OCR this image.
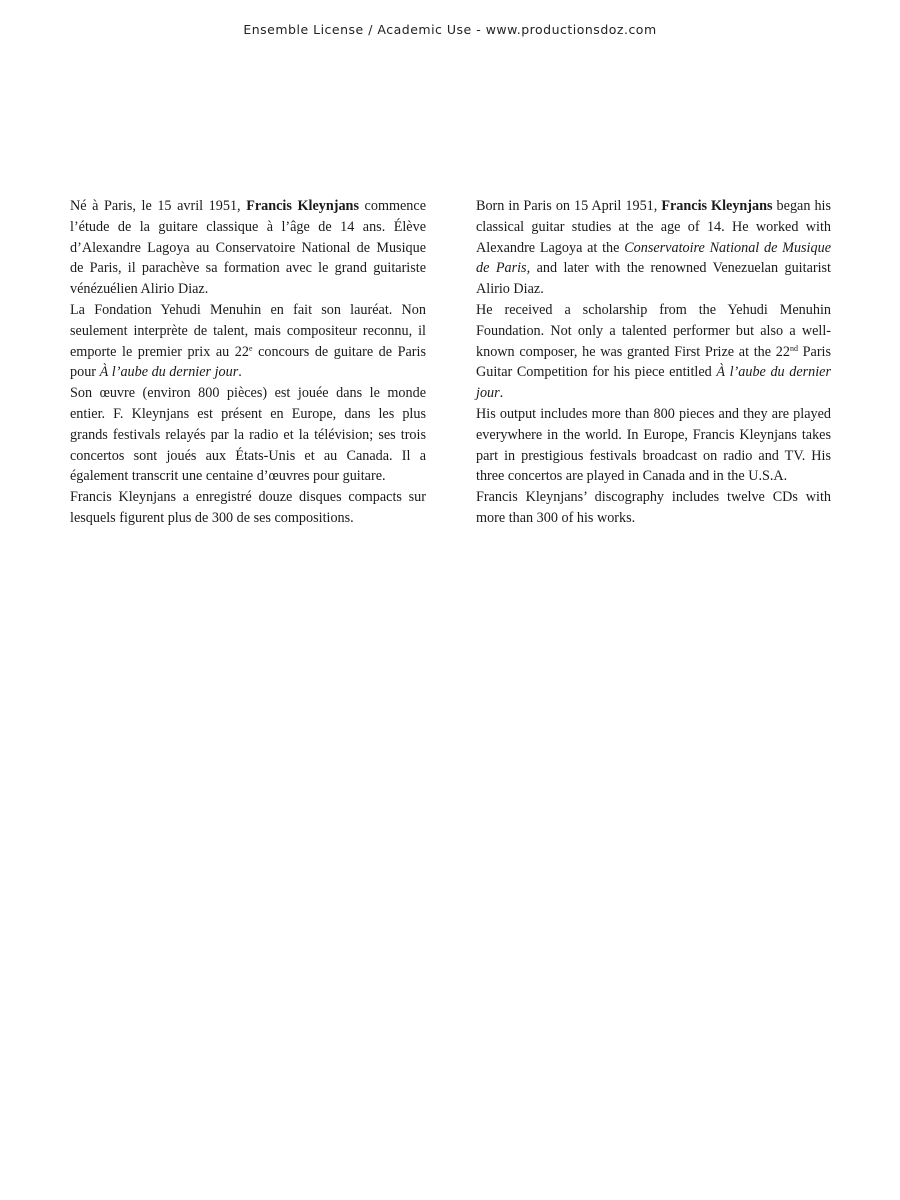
Ensemble License / Academic Use - www.productionsdoz.com

Né à Paris, le 15 avril 1951, Francis Kleynjans commence l’étude de la guitare classique à l’âge de 14 ans. Élève d’Alexandre Lagoya au Conservatoire National de Musique de Paris, il parachève sa formation avec le grand guitariste vénézuélien Alirio Diaz.

La Fondation Yehudi Menuhin en fait son lauréat. Non seulement interprète de talent, mais compositeur reconnu, il emporte le premier prix au 22e concours de guitare de Paris pour À l’aube du dernier jour.

Son œuvre (environ 800 pièces) est jouée dans le monde entier. F. Kleynjans est présent en Europe, dans les plus grands festivals relayés par la radio et la télévision; ses trois concertos sont joués aux États-Unis et au Canada. Il a également transcrit une centaine d’œuvres pour guitare.

Francis Kleynjans a enregistré douze disques compacts sur lesquels figurent plus de 300 de ses compositions.

Born in Paris on 15 April 1951, Francis Kleynjans began his classical guitar studies at the age of 14. He worked with Alexandre Lagoya at the Conservatoire National de Musique de Paris, and later with the renowned Venezuelan guitarist Alirio Diaz.

He received a scholarship from the Yehudi Menuhin Foundation. Not only a talented performer but also a well-known composer, he was granted First Prize at the 22nd Paris Guitar Competition for his piece entitled À l’aube du dernier jour.

His output includes more than 800 pieces and they are played everywhere in the world. In Europe, Francis Kleynjans takes part in prestigious festivals broadcast on radio and TV. His three concertos are played in Canada and in the U.S.A.

Francis Kleynjans’ discography includes twelve CDs with more than 300 of his works.
